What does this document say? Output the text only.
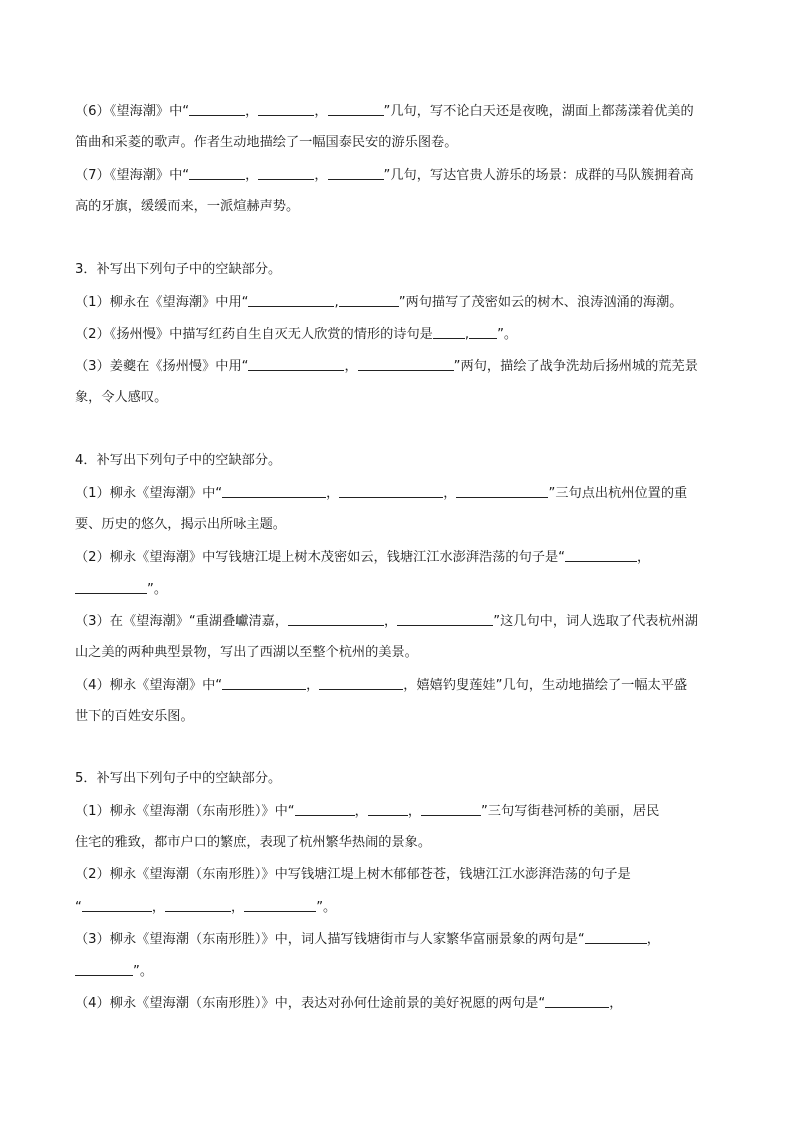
（6）《望海潮》中“	，	，	”几句，写不论白天还是夜晚，湖面上都荡漾着优美的
笛曲和采菱的歌声。作者生动地描绘了一幅国泰民安的游乐图卷。
（7）《望海潮》中“	，	，	”几句，写达官贵人游乐的场景：成群的马队簇拥着高
高的牙旗，缓缓而来，一派煊赫声势。
3．补写出下列句子中的空缺部分。
（1）柳永在《望海潮》中用“	,	”两句描写了茂密如云的树木、浪涛汹涌的海潮。
（2）《扬州慢》中描写红药自生自灭无人欣赏的情形的诗句是 , ”。
（3）姜夔在《扬州慢》中用“	，	”两句，描绘了战争洗劫后扬州城的荒芜景
象，令人感叹。
4．补写出下列句子中的空缺部分。
（1）柳永《望海潮》中“	，	，	”三句点出杭州位置的重
要、历史的悠久，揭示出所咏主题。
（2）柳永《望海潮》中写钱塘江堤上树木茂密如云，钱塘江江水澎湃浩荡的句子是“	，
”。
（3）在《望海潮》“重湖叠巘清嘉，	，	”这几句中，词人选取了代表杭州湖
山之美的两种典型景物，写出了西湖以至整个杭州的美景。
（4）柳永《望海潮》中“	，	，嬉嬉钓叟莲娃”几句，生动地描绘了一幅太平盛
世下的百姓安乐图。
5．补写出下列句子中的空缺部分。
（1）柳永《望海潮（东南形胜）》中“	，	，	”三句写街巷河桥的美丽，居民
住宅的雅致，都市户口的繁庶，表现了杭州繁华热闹的景象。
（2）柳永《望海潮（东南形胜）》中写钱塘江堤上树木郁郁苍苍，钱塘江江水澎湃浩荡的句子是
“	，	，	”。
（3）柳永《望海潮（东南形胜）》中，词人描写钱塘街市与人家繁华富丽景象的两句是“	，
”。
（4）柳永《望海潮（东南形胜）》中，表达对孙何仕途前景的美好祝愿的两句是“	，
